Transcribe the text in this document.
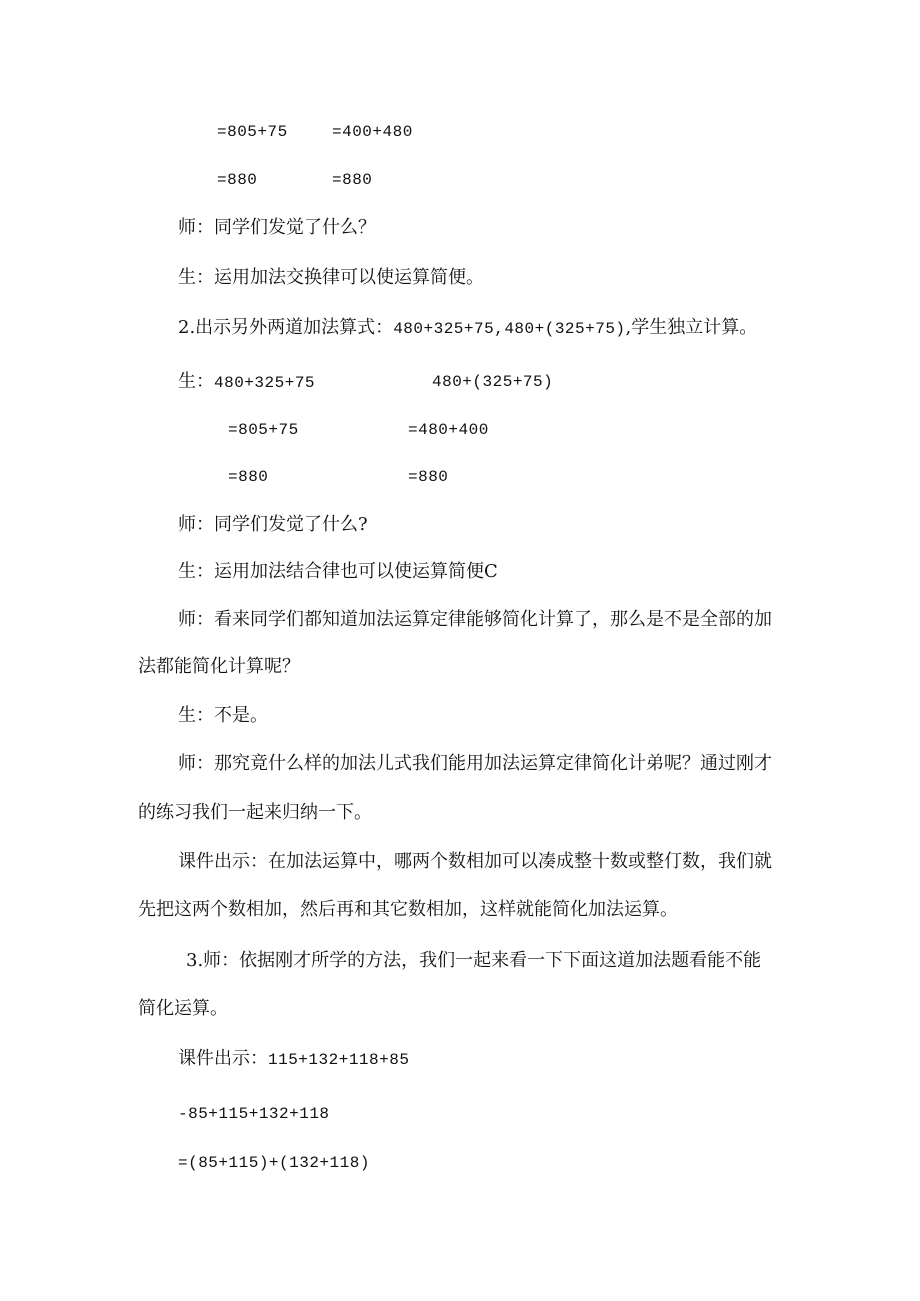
=805+75	=400+480
=880	=880
师：同学们发觉了什么？
生：运用加法交换律可以使运算简便。
2.出示另外两道加法算式：480+325+75,480+(325+75),学生独立计算。
生：480+325+75	480+(325+75)
=805+75	=480+400
=880	=880
师：同学们发觉了什么?
生：运用加法结合律也可以使运算简便C
师：看来同学们都知道加法运算定律能够简化计算了，那么是不是全部的加
法都能简化计算呢？
生：不是。
师：那究竟什么样的加法儿式我们能用加法运算定律简化计弟呢？通过刚才
的练习我们一起来归纳一下。
课件出示：在加法运算中，哪两个数相加可以凑成整十数或整仃数，我们就
先把这两个数相加，然后再和其它数相加，这样就能简化加法运算。
3.师：依据刚才所学的方法，我们一起来看一下下面这道加法题看能不能
简化运算。
课件出示：115+132+118+85
-85+115+132+118
=(85+115)+(132+118)
